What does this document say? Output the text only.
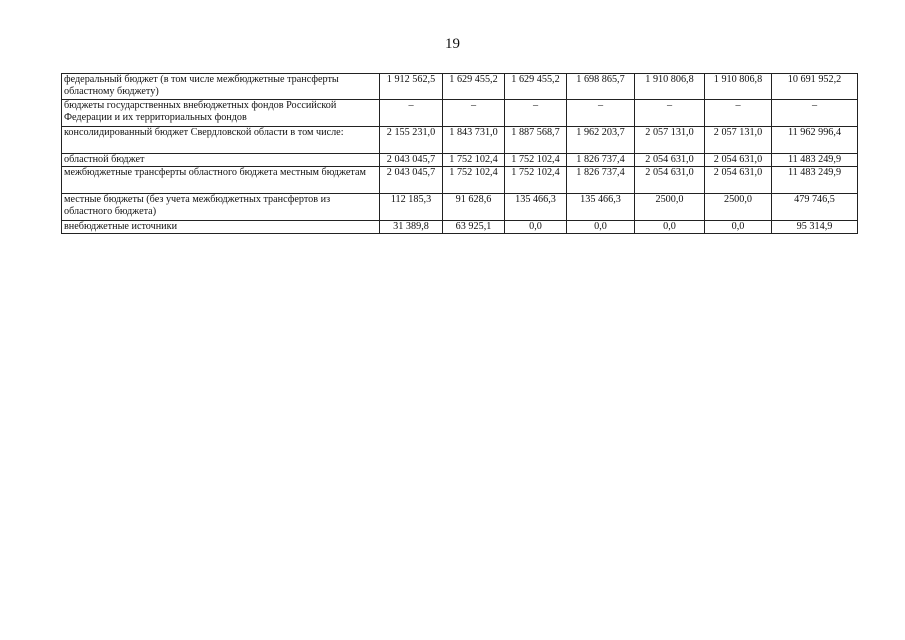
19
федеральный бюджет (в том числе межбюджетные трансферты областному бюджету)	1 912 562,5	1 629 455,2	1 629 455,2	1 698 865,7	1 910 806,8	1 910 806,8	10 691 952,2
бюджеты государственных внебюджетных фондов Российской Федерации и их территориальных фондов	–	–	–	–	–	–	–
консолидированный бюджет Свердловской области в том числе:	2 155 231,0	1 843 731,0	1 887 568,7	1 962 203,7	2 057 131,0	2 057 131,0	11 962 996,4
областной бюджет	2 043 045,7	1 752 102,4	1 752 102,4	1 826 737,4	2 054 631,0	2 054 631,0	11 483 249,9
межбюджетные трансферты областного бюджета местным бюджетам	2 043 045,7	1 752 102,4	1 752 102,4	1 826 737,4	2 054 631,0	2 054 631,0	11 483 249,9
местные бюджеты (без учета межбюджетных трансфертов из областного бюджета)	112 185,3	91 628,6	135 466,3	135 466,3	2500,0	2500,0	479 746,5
внебюджетные источники	31 389,8	63 925,1	0,0	0,0	0,0	0,0	95 314,9
